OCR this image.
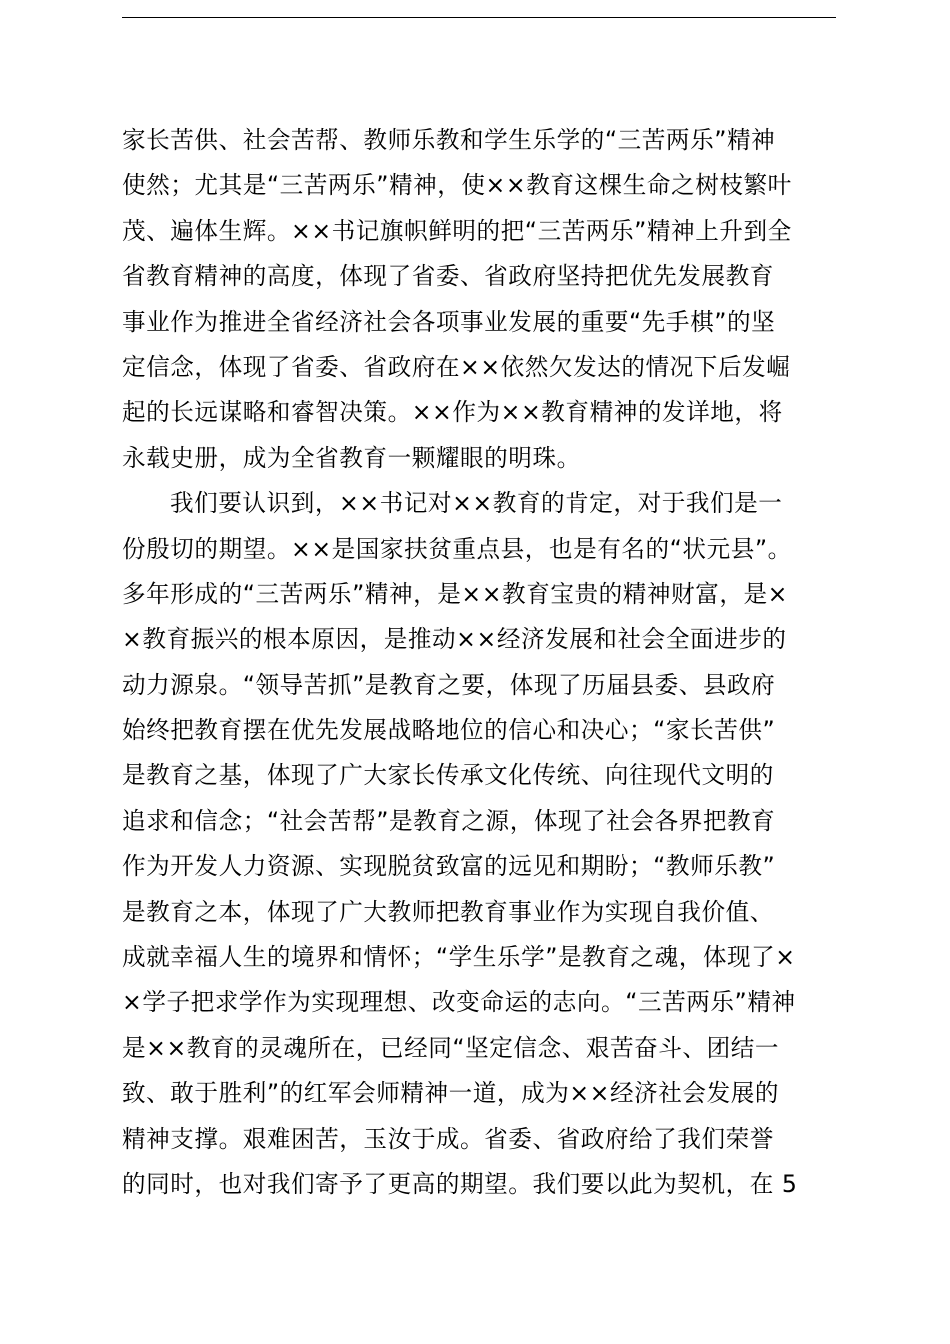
家长苦供、社会苦帮、教师乐教和学生乐学的“三苦两乐”精神
使然；尤其是“三苦两乐”精神，使××教育这棵生命之树枝繁叶
茂、遍体生辉。××书记旗帜鲜明的把“三苦两乐”精神上升到全
省教育精神的高度，体现了省委、省政府坚持把优先发展教育
事业作为推进全省经济社会各项事业发展的重要“先手棋”的坚
定信念，体现了省委、省政府在××依然欠发达的情况下后发崛
起的长远谋略和睿智决策。××作为××教育精神的发详地，将
永载史册，成为全省教育一颗耀眼的明珠。
我们要认识到，××书记对××教育的肯定，对于我们是一
份殷切的期望。××是国家扶贫重点县，也是有名的“状元县”。
多年形成的“三苦两乐”精神，是××教育宝贵的精神财富，是×
×教育振兴的根本原因，是推动××经济发展和社会全面进步的
动力源泉。“领导苦抓”是教育之要，体现了历届县委、县政府
始终把教育摆在优先发展战略地位的信心和决心；“家长苦供”
是教育之基，体现了广大家长传承文化传统、向往现代文明的
追求和信念；“社会苦帮”是教育之源，体现了社会各界把教育
作为开发人力资源、实现脱贫致富的远见和期盼；“教师乐教”
是教育之本，体现了广大教师把教育事业作为实现自我价值、
成就幸福人生的境界和情怀；“学生乐学”是教育之魂，体现了×
×学子把求学作为实现理想、改变命运的志向。“三苦两乐”精神
是××教育的灵魂所在，已经同“坚定信念、艰苦奋斗、团结一
致、敢于胜利”的红军会师精神一道，成为××经济社会发展的
精神支撑。艰难困苦，玉汝于成。省委、省政府给了我们荣誉
的同时，也对我们寄予了更高的期望。我们要以此为契机，在 5
